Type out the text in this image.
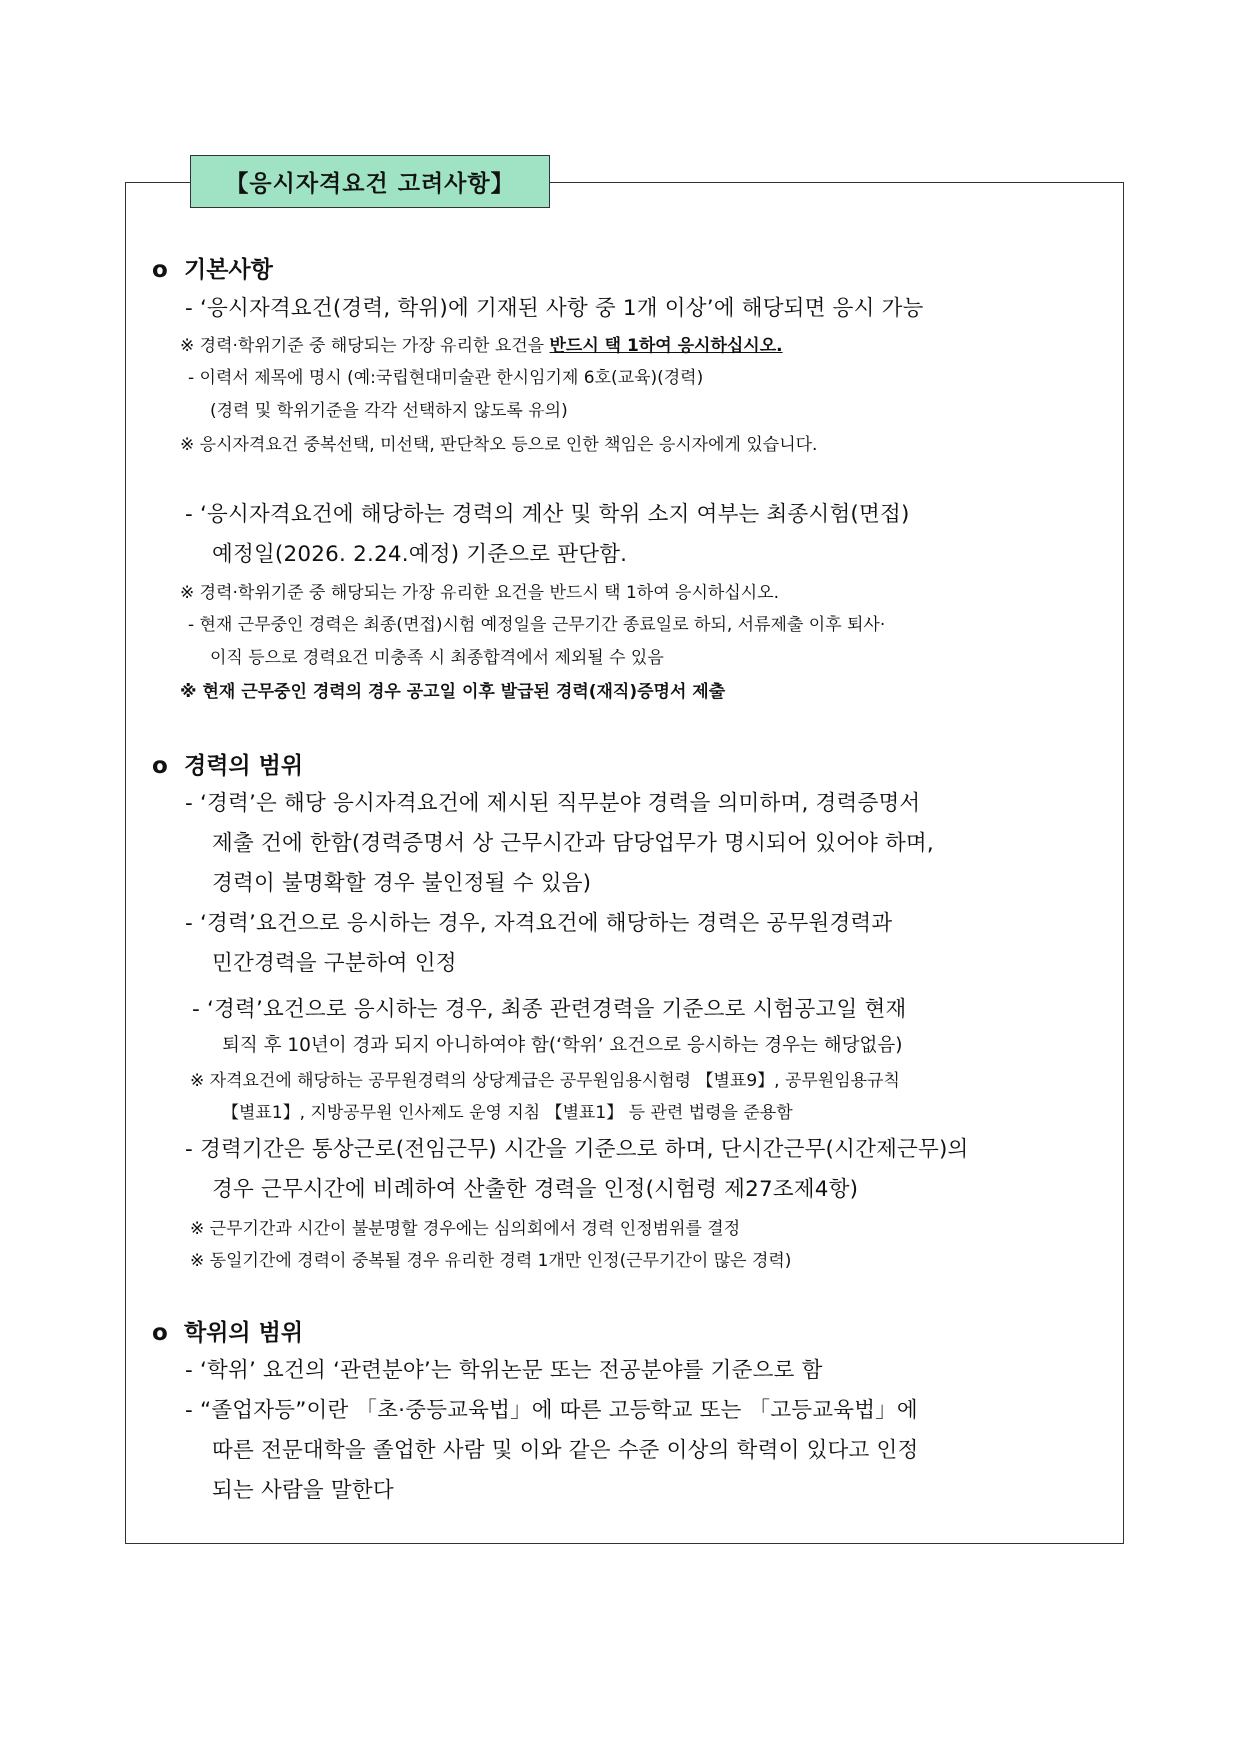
【응시자격요건 고려사항】
o 기본사항
- ‘응시자격요건(경력, 학위)에 기재된 사항 중 1개 이상’에 해당되면 응시 가능
※ 경력·학위기준 중 해당되는 가장 유리한 요건을 반드시 택 1하여 응시하십시오.
- 이력서 제목에 명시 (예:국립현대미술관 한시임기제 6호(교육)(경력)
(경력 및 학위기준을 각각 선택하지 않도록 유의)
※ 응시자격요건 중복선택, 미선택, 판단착오 등으로 인한 책임은 응시자에게 있습니다.
- ‘응시자격요건에 해당하는 경력의 계산 및 학위 소지 여부는 최종시험(면접)
예정일(2026. 2.24.예정) 기준으로 판단함.
※ 경력·학위기준 중 해당되는 가장 유리한 요건을 반드시 택 1하여 응시하십시오.
- 현재 근무중인 경력은 최종(면접)시험 예정일을 근무기간 종료일로 하되, 서류제출 이후 퇴사·
이직 등으로 경력요건 미충족 시 최종합격에서 제외될 수 있음
※ 현재 근무중인 경력의 경우 공고일 이후 발급된 경력(재직)증명서 제출
o 경력의 범위
- ‘경력’은 해당 응시자격요건에 제시된 직무분야 경력을 의미하며, 경력증명서
제출 건에 한함(경력증명서 상 근무시간과 담당업무가 명시되어 있어야 하며,
경력이 불명확할 경우 불인정될 수 있음)
- ‘경력’요건으로 응시하는 경우, 자격요건에 해당하는 경력은 공무원경력과
민간경력을 구분하여 인정
- ‘경력’요건으로 응시하는 경우, 최종 관련경력을 기준으로 시험공고일 현재
퇴직 후 10년이 경과 되지 아니하여야 함(‘학위’ 요건으로 응시하는 경우는 해당없음)
※ 자격요건에 해당하는 공무원경력의 상당계급은 공무원임용시험령 【별표9】, 공무원임용규칙
【별표1】, 지방공무원 인사제도 운영 지침 【별표1】 등 관련 법령을 준용함
- 경력기간은 통상근로(전임근무) 시간을 기준으로 하며, 단시간근무(시간제근무)의
경우 근무시간에 비례하여 산출한 경력을 인정(시험령 제27조제4항)
※ 근무기간과 시간이 불분명할 경우에는 심의회에서 경력 인정범위를 결정
※ 동일기간에 경력이 중복될 경우 유리한 경력 1개만 인정(근무기간이 많은 경력)
o 학위의 범위
- ‘학위’ 요건의 ‘관련분야’는 학위논문 또는 전공분야를 기준으로 함
- “졸업자등”이란 「초·중등교육법」에 따른 고등학교 또는 「고등교육법」에
따른 전문대학을 졸업한 사람 및 이와 같은 수준 이상의 학력이 있다고 인정
되는 사람을 말한다
